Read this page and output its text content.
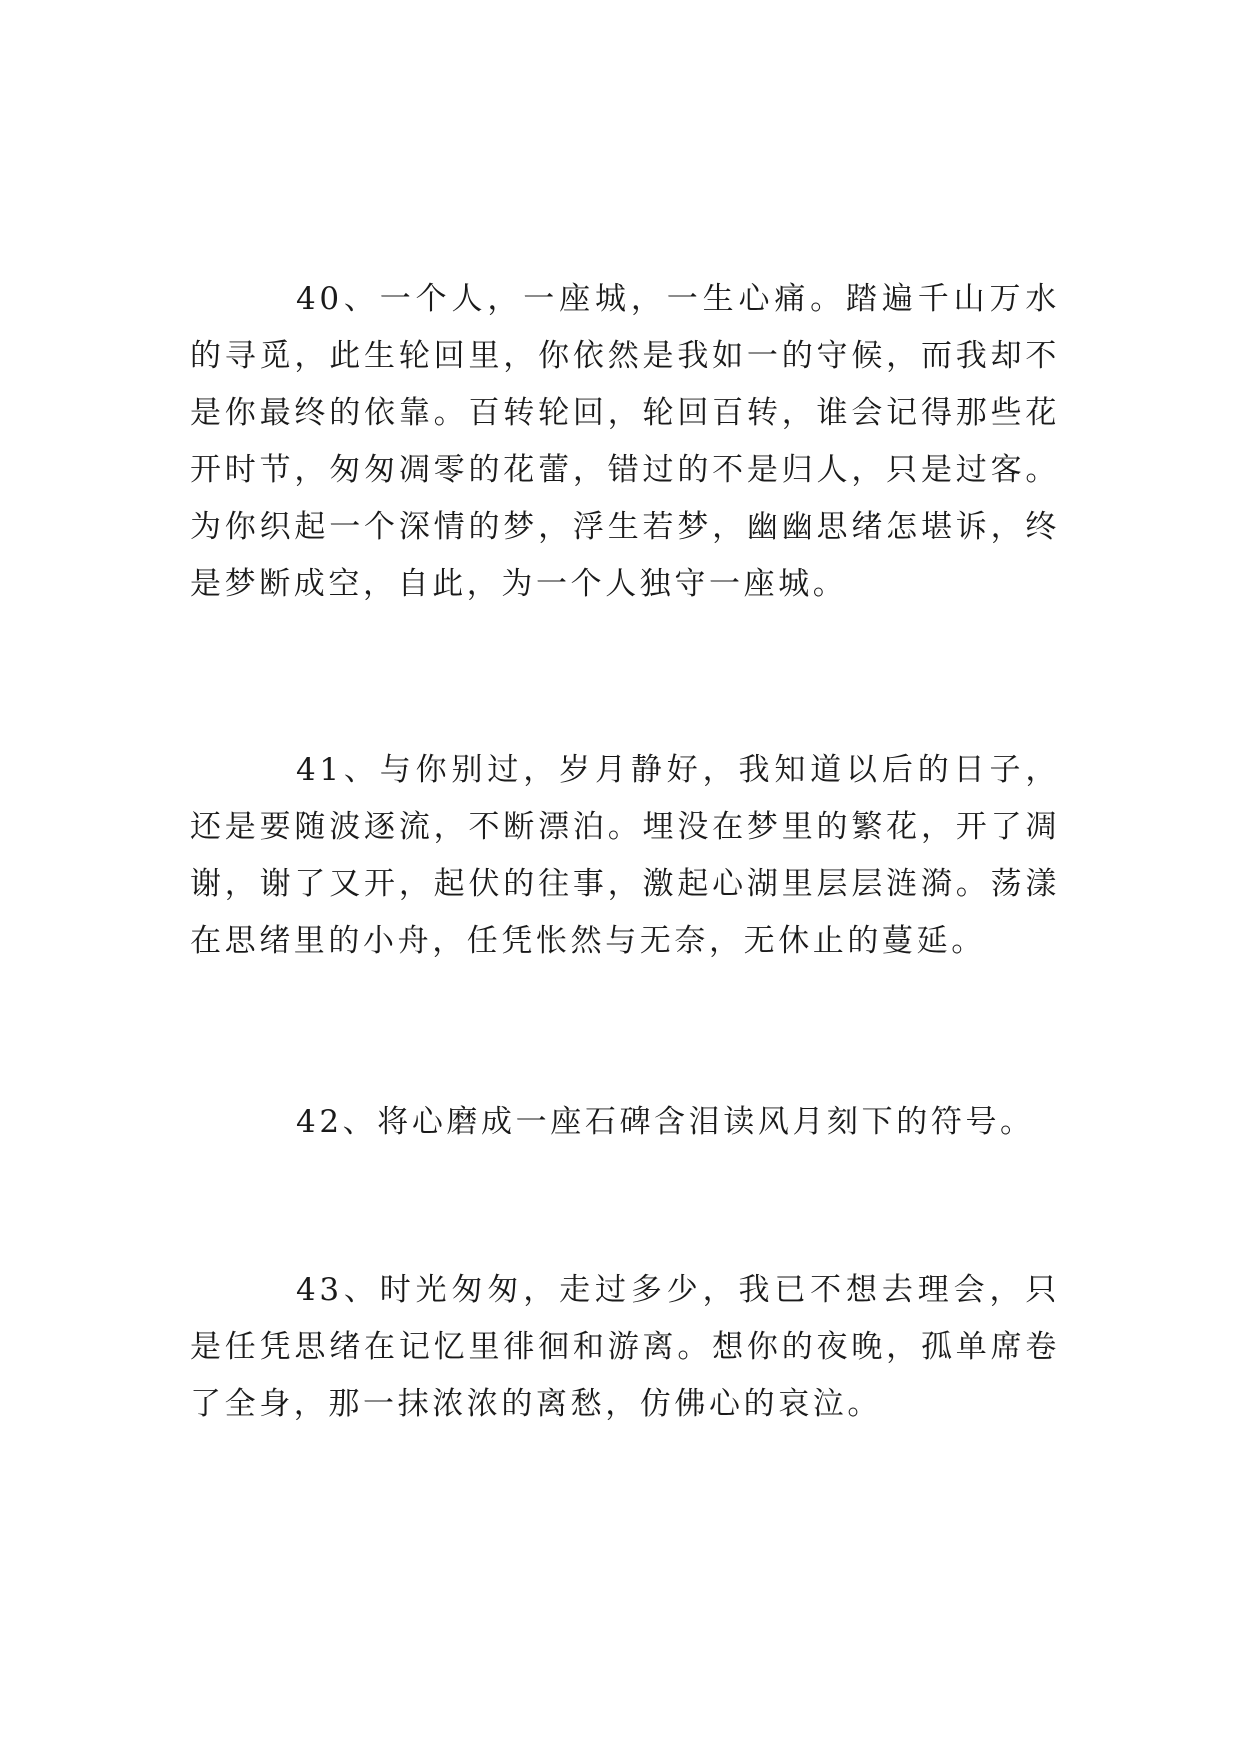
40、一个人，一座城，一生心痛。踏遍千山万水的寻觅，此生轮回里，你依然是我如一的守候，而我却不是你最终的依靠。百转轮回，轮回百转，谁会记得那些花开时节，匆匆凋零的花蕾，错过的不是归人，只是过客。为你织起一个深情的梦，浮生若梦，幽幽思绪怎堪诉，终是梦断成空，自此，为一个人独守一座城。

41、与你别过，岁月静好，我知道以后的日子，还是要随波逐流，不断漂泊。埋没在梦里的繁花，开了凋谢，谢了又开，起伏的往事，激起心湖里层层涟漪。荡漾在思绪里的小舟，任凭怅然与无奈，无休止的蔓延。

42、将心磨成一座石碑含泪读风月刻下的符号。

43、时光匆匆，走过多少，我已不想去理会，只是任凭思绪在记忆里徘徊和游离。想你的夜晚，孤单席卷了全身，那一抹浓浓的离愁，仿佛心的哀泣。
